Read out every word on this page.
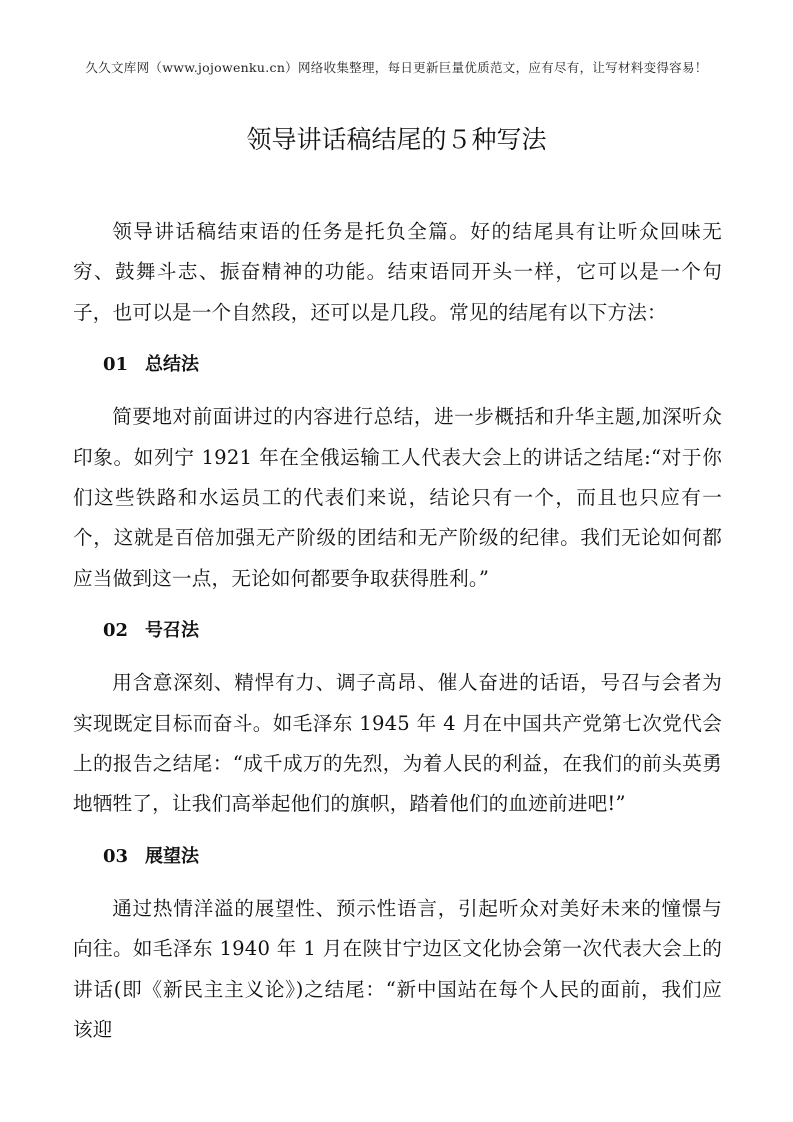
久久文库网（www.jojowenku.cn）网络收集整理，每日更新巨量优质范文，应有尽有，让写材料变得容易！
领导讲话稿结尾的５种写法

领导讲话稿结束语的任务是托负全篇。好的结尾具有让听众回味无穷、鼓舞斗志、振奋精神的功能。结束语同开头一样，它可以是一个句子，也可以是一个自然段，还可以是几段。常见的结尾有以下方法：

01 总结法

简要地对前面讲过的内容进行总结，进一步概括和升华主题,加深听众印象。如列宁 1921 年在全俄运输工人代表大会上的讲话之结尾:“对于你们这些铁路和水运员工的代表们来说，结论只有一个，而且也只应有一个，这就是百倍加强无产阶级的团结和无产阶级的纪律。我们无论如何都应当做到这一点，无论如何都要争取获得胜利。”

02 号召法

用含意深刻、精悍有力、调子高昂、催人奋进的话语，号召与会者为实现既定目标而奋斗。如毛泽东 1945 年 4 月在中国共产党第七次党代会上的报告之结尾：“成千成万的先烈，为着人民的利益，在我们的前头英勇地牺牲了，让我们高举起他们的旗帜，踏着他们的血迹前进吧!”

03 展望法

通过热情洋溢的展望性、预示性语言，引起听众对美好未来的憧憬与向往。如毛泽东 1940 年 1 月在陕甘宁边区文化协会第一次代表大会上的讲话(即《新民主主义论》)之结尾：“新中国站在每个人民的面前，我们应该迎
